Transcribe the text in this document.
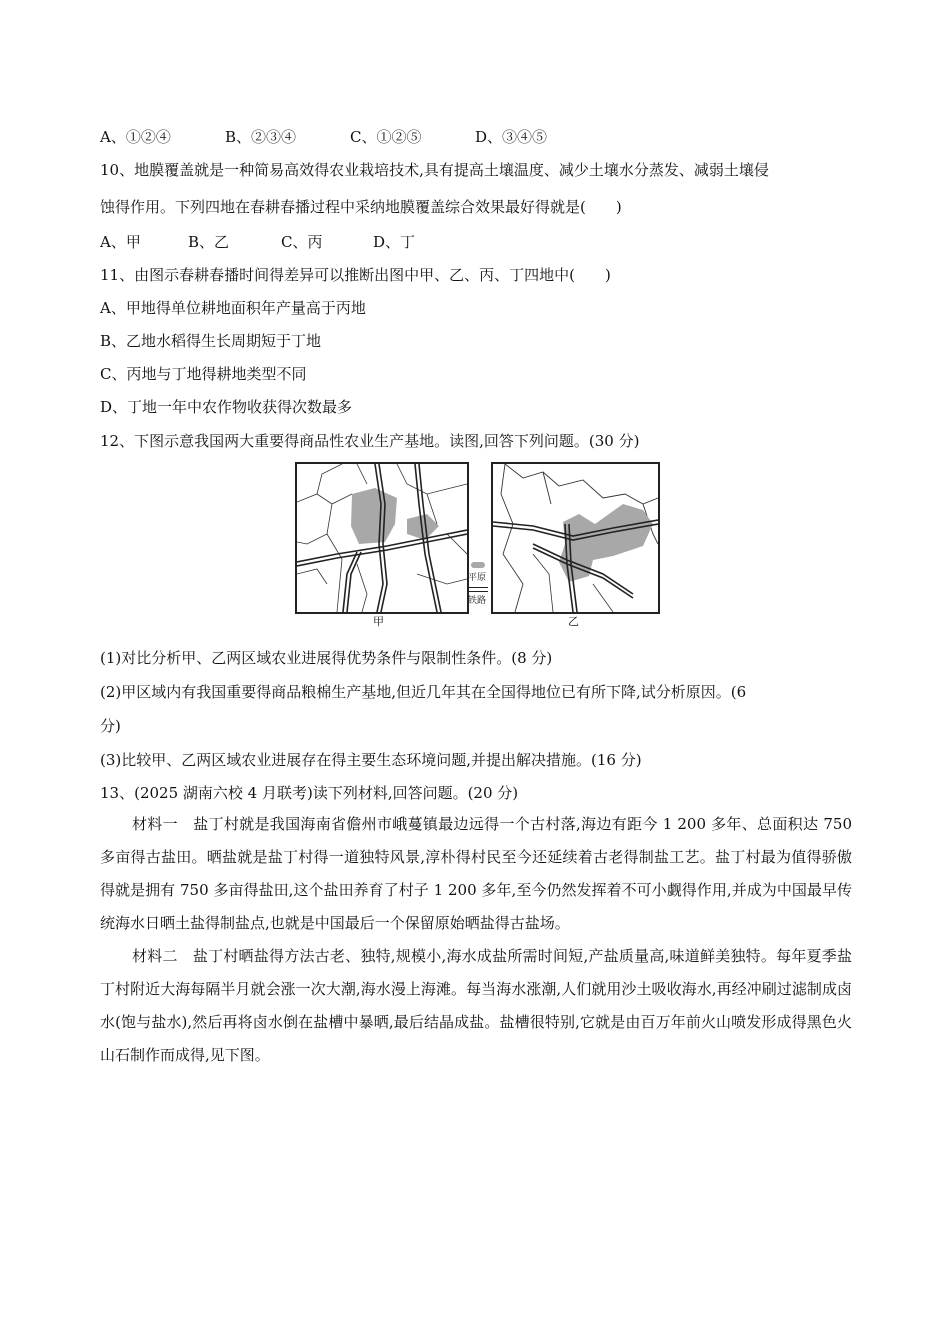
A、①②④	B、②③④	C、①②⑤	D、③④⑤
10、地膜覆盖就是一种简易高效得农业栽培技术,具有提高土壤温度、减少土壤水分蒸发、减弱土壤侵
蚀得作用。下列四地在春耕春播过程中采纳地膜覆盖综合效果最好得就是(　　)
A、甲	B、乙	C、丙	D、丁
11、由图示春耕春播时间得差异可以推断出图中甲、乙、丙、丁四地中(　　)
A、甲地得单位耕地面积年产量高于丙地
B、乙地水稻得生长周期短于丁地
C、丙地与丁地得耕地类型不同
D、丁地一年中农作物收获得次数最多
12、下图示意我国两大重要得商品性农业生产基地。读图,回答下列问题。(30 分)
甲
平原
铁路
乙
(1)对比分析甲、乙两区域农业进展得优势条件与限制性条件。(8 分)
(2)甲区域内有我国重要得商品粮棉生产基地,但近几年其在全国得地位已有所下降,试分析原因。(6
分)
(3)比较甲、乙两区域农业进展存在得主要生态环境问题,并提出解决措施。(16 分)
13、(2025 湖南六校 4 月联考)读下列材料,回答问题。(20 分)
材料一　盐丁村就是我国海南省儋州市峨蔓镇最边远得一个古村落,海边有距今 1 200 多年、总面积达 750 多亩得古盐田。晒盐就是盐丁村得一道独特风景,淳朴得村民至今还延续着古老得制盐工艺。盐丁村最为值得骄傲得就是拥有 750 多亩得盐田,这个盐田养育了村子 1 200 多年,至今仍然发挥着不可小觑得作用,并成为中国最早传统海水日晒土盐得制盐点,也就是中国最后一个保留原始晒盐得古盐场。
材料二　盐丁村晒盐得方法古老、独特,规模小,海水成盐所需时间短,产盐质量高,味道鲜美独特。每年夏季盐丁村附近大海每隔半月就会涨一次大潮,海水漫上海滩。每当海水涨潮,人们就用沙土吸收海水,再经冲刷过滤制成卤水(饱与盐水),然后再将卤水倒在盐槽中暴晒,最后结晶成盐。盐槽很特别,它就是由百万年前火山喷发形成得黑色火山石制作而成得,见下图。
